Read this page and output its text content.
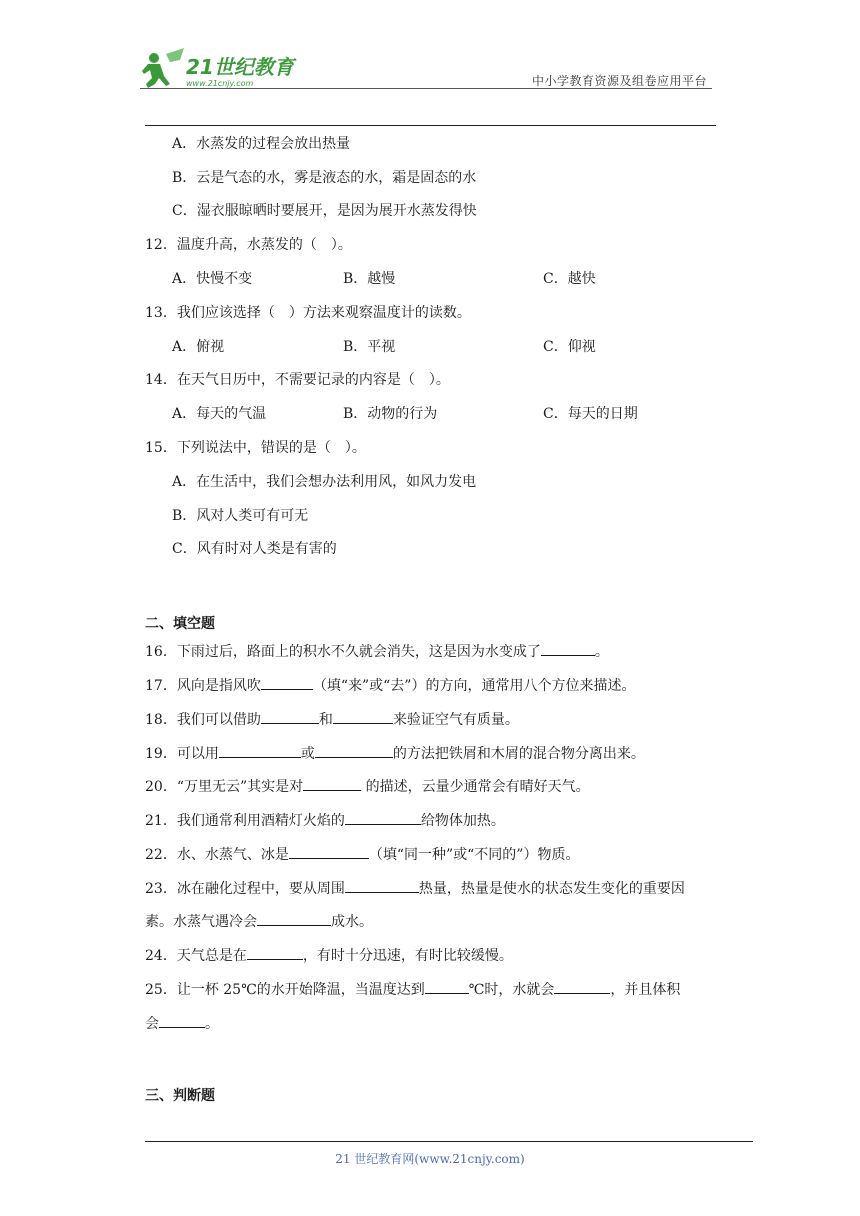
21世纪教育
www.21cnjy.com	中小学教育资源及组卷应用平台
A．水蒸发的过程会放出热量
B．云是气态的水，雾是液态的水，霜是固态的水
C．湿衣服晾晒时要展开，是因为展开水蒸发得快
12．温度升高，水蒸发的（　）。
A．快慢不变	B．越慢	C．越快
13．我们应该选择（　）方法来观察温度计的读数。
A．俯视	B．平视	C．仰视
14．在天气日历中，不需要记录的内容是（　）。
A．每天的气温	B．动物的行为	C．每天的日期
15．下列说法中，错误的是（　）。
A．在生活中，我们会想办法利用风，如风力发电
B．风对人类可有可无
C．风有时对人类是有害的
二、填空题
16．下雨过后，路面上的积水不久就会消失，这是因为水变成了	。
17．风向是指风吹	（填“来”或“去”）的方向，通常用八个方位来描述。
18．我们可以借助	和	来验证空气有质量。
19．可以用	或	的方法把铁屑和木屑的混合物分离出来。
20．“万里无云”其实是对	的描述，云量少通常会有晴好天气。
21．我们通常利用酒精灯火焰的	给物体加热。
22．水、水蒸气、冰是	（填“同一种”或“不同的”）物质。
23．冰在融化过程中，要从周围	热量，热量是使水的状态发生变化的重要因
素。水蒸气遇冷会	成水。
24．天气总是在	，有时十分迅速，有时比较缓慢。
25．让一杯 25℃的水开始降温，当温度达到	℃时，水就会	，并且体积
会	。
三、判断题
21 世纪教育网(www.21cnjy.com)
